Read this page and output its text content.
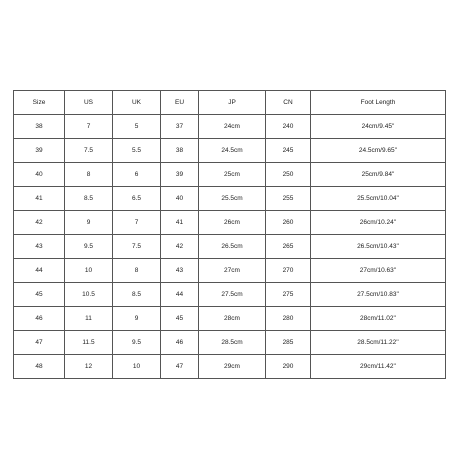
Size	US	UK	EU	JP	CN	Foot Length
38	7	5	37	24cm	240	24cm/9.45''
39	7.5	5.5	38	24.5cm	245	24.5cm/9.65''
40	8	6	39	25cm	250	25cm/9.84''
41	8.5	6.5	40	25.5cm	255	25.5cm/10.04''
42	9	7	41	26cm	260	26cm/10.24''
43	9.5	7.5	42	26.5cm	265	26.5cm/10.43''
44	10	8	43	27cm	270	27cm/10.63''
45	10.5	8.5	44	27.5cm	275	27.5cm/10.83''
46	11	9	45	28cm	280	28cm/11.02''
47	11.5	9.5	46	28.5cm	285	28.5cm/11.22''
48	12	10	47	29cm	290	29cm/11.42''
